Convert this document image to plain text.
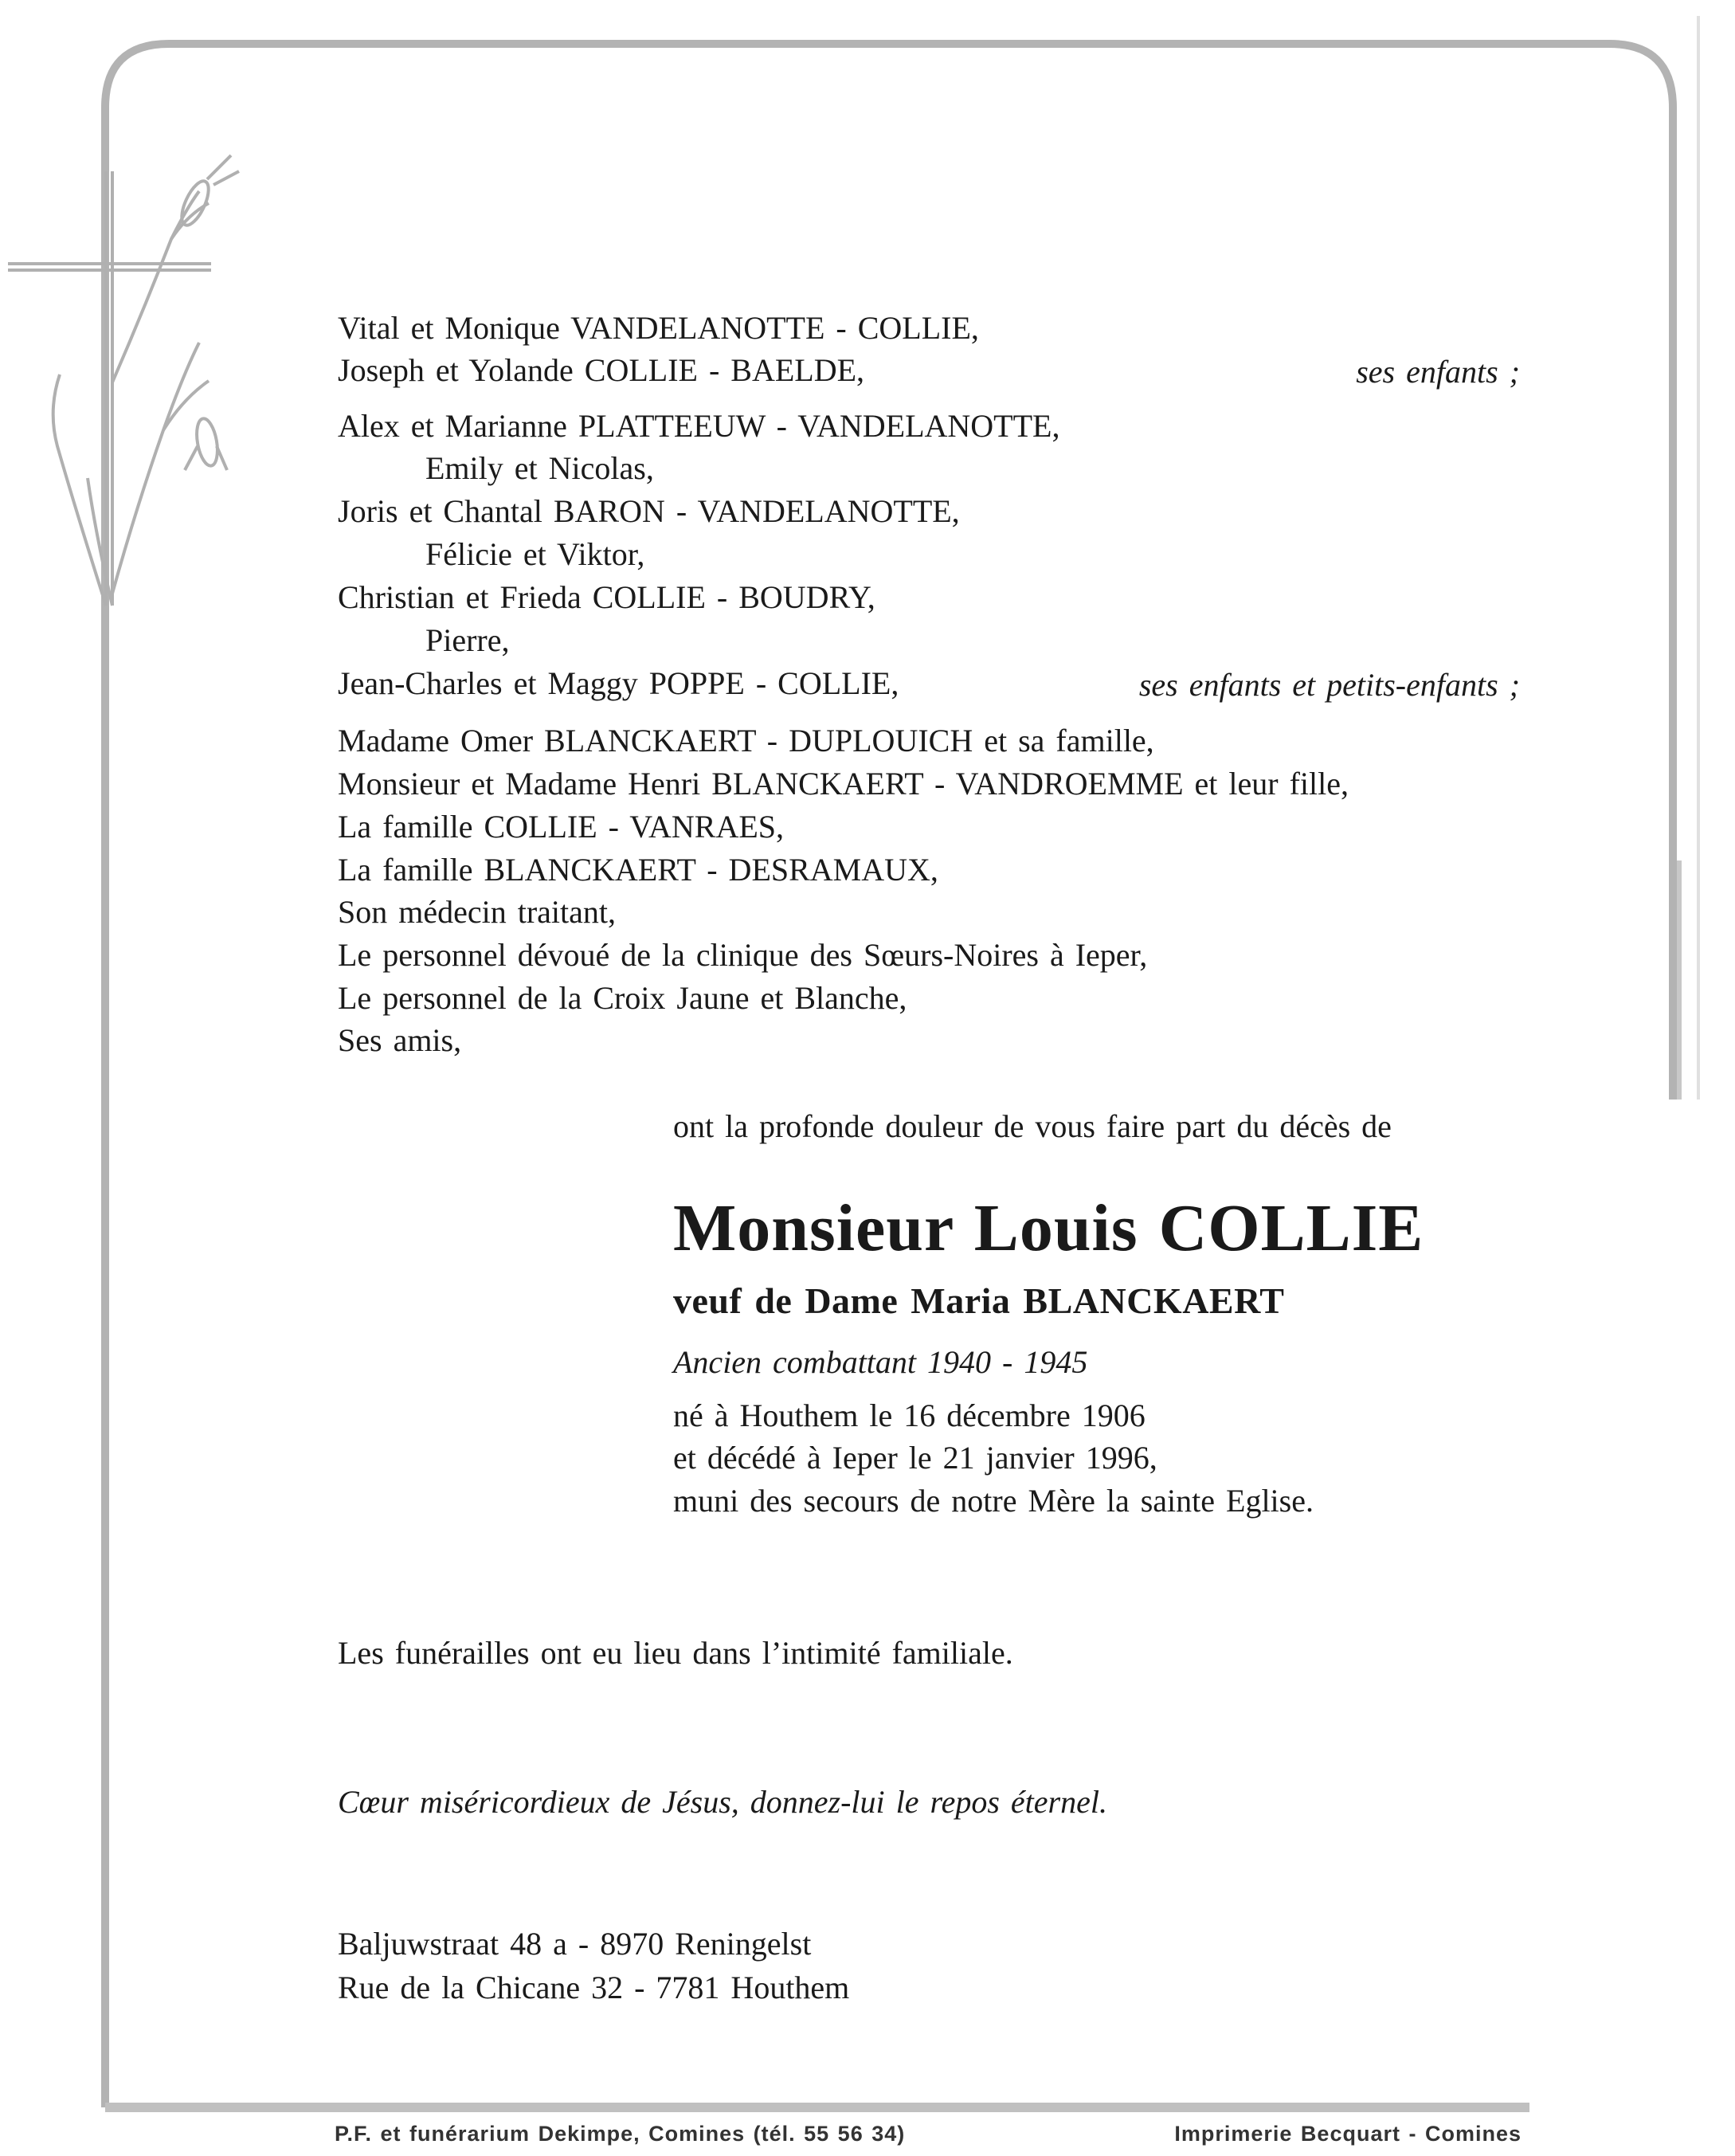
Vital et Monique VANDELANOTTE - COLLIE,
Joseph et Yolande COLLIE - BAELDE,	ses enfants ;
Alex et Marianne PLATTEEUW - VANDELANOTTE,
Emily et Nicolas,
Joris et Chantal BARON - VANDELANOTTE,
Félicie et Viktor,
Christian et Frieda COLLIE - BOUDRY,
Pierre,
Jean-Charles et Maggy POPPE - COLLIE,	ses enfants et petits-enfants ;
Madame Omer BLANCKAERT - DUPLOUICH et sa famille,
Monsieur et Madame Henri BLANCKAERT - VANDROEMME et leur fille,
La famille COLLIE - VANRAES,
La famille BLANCKAERT - DESRAMAUX,
Son médecin traitant,
Le personnel dévoué de la clinique des Sœurs-Noires à Ieper,
Le personnel de la Croix Jaune et Blanche,
Ses amis,
ont la profonde douleur de vous faire part du décès de
Monsieur Louis COLLIE
veuf de Dame Maria BLANCKAERT
Ancien combattant 1940 - 1945
né à Houthem le 16 décembre 1906
et décédé à Ieper le 21 janvier 1996,
muni des secours de notre Mère la sainte Eglise.
Les funérailles ont eu lieu dans l’intimité familiale.
Cœur miséricordieux de Jésus, donnez-lui le repos éternel.
Baljuwstraat 48 a - 8970 Reningelst
Rue de la Chicane 32 - 7781 Houthem
P.F. et funérarium Dekimpe, Comines (tél. 55 56 34)	Imprimerie Becquart - Comines
